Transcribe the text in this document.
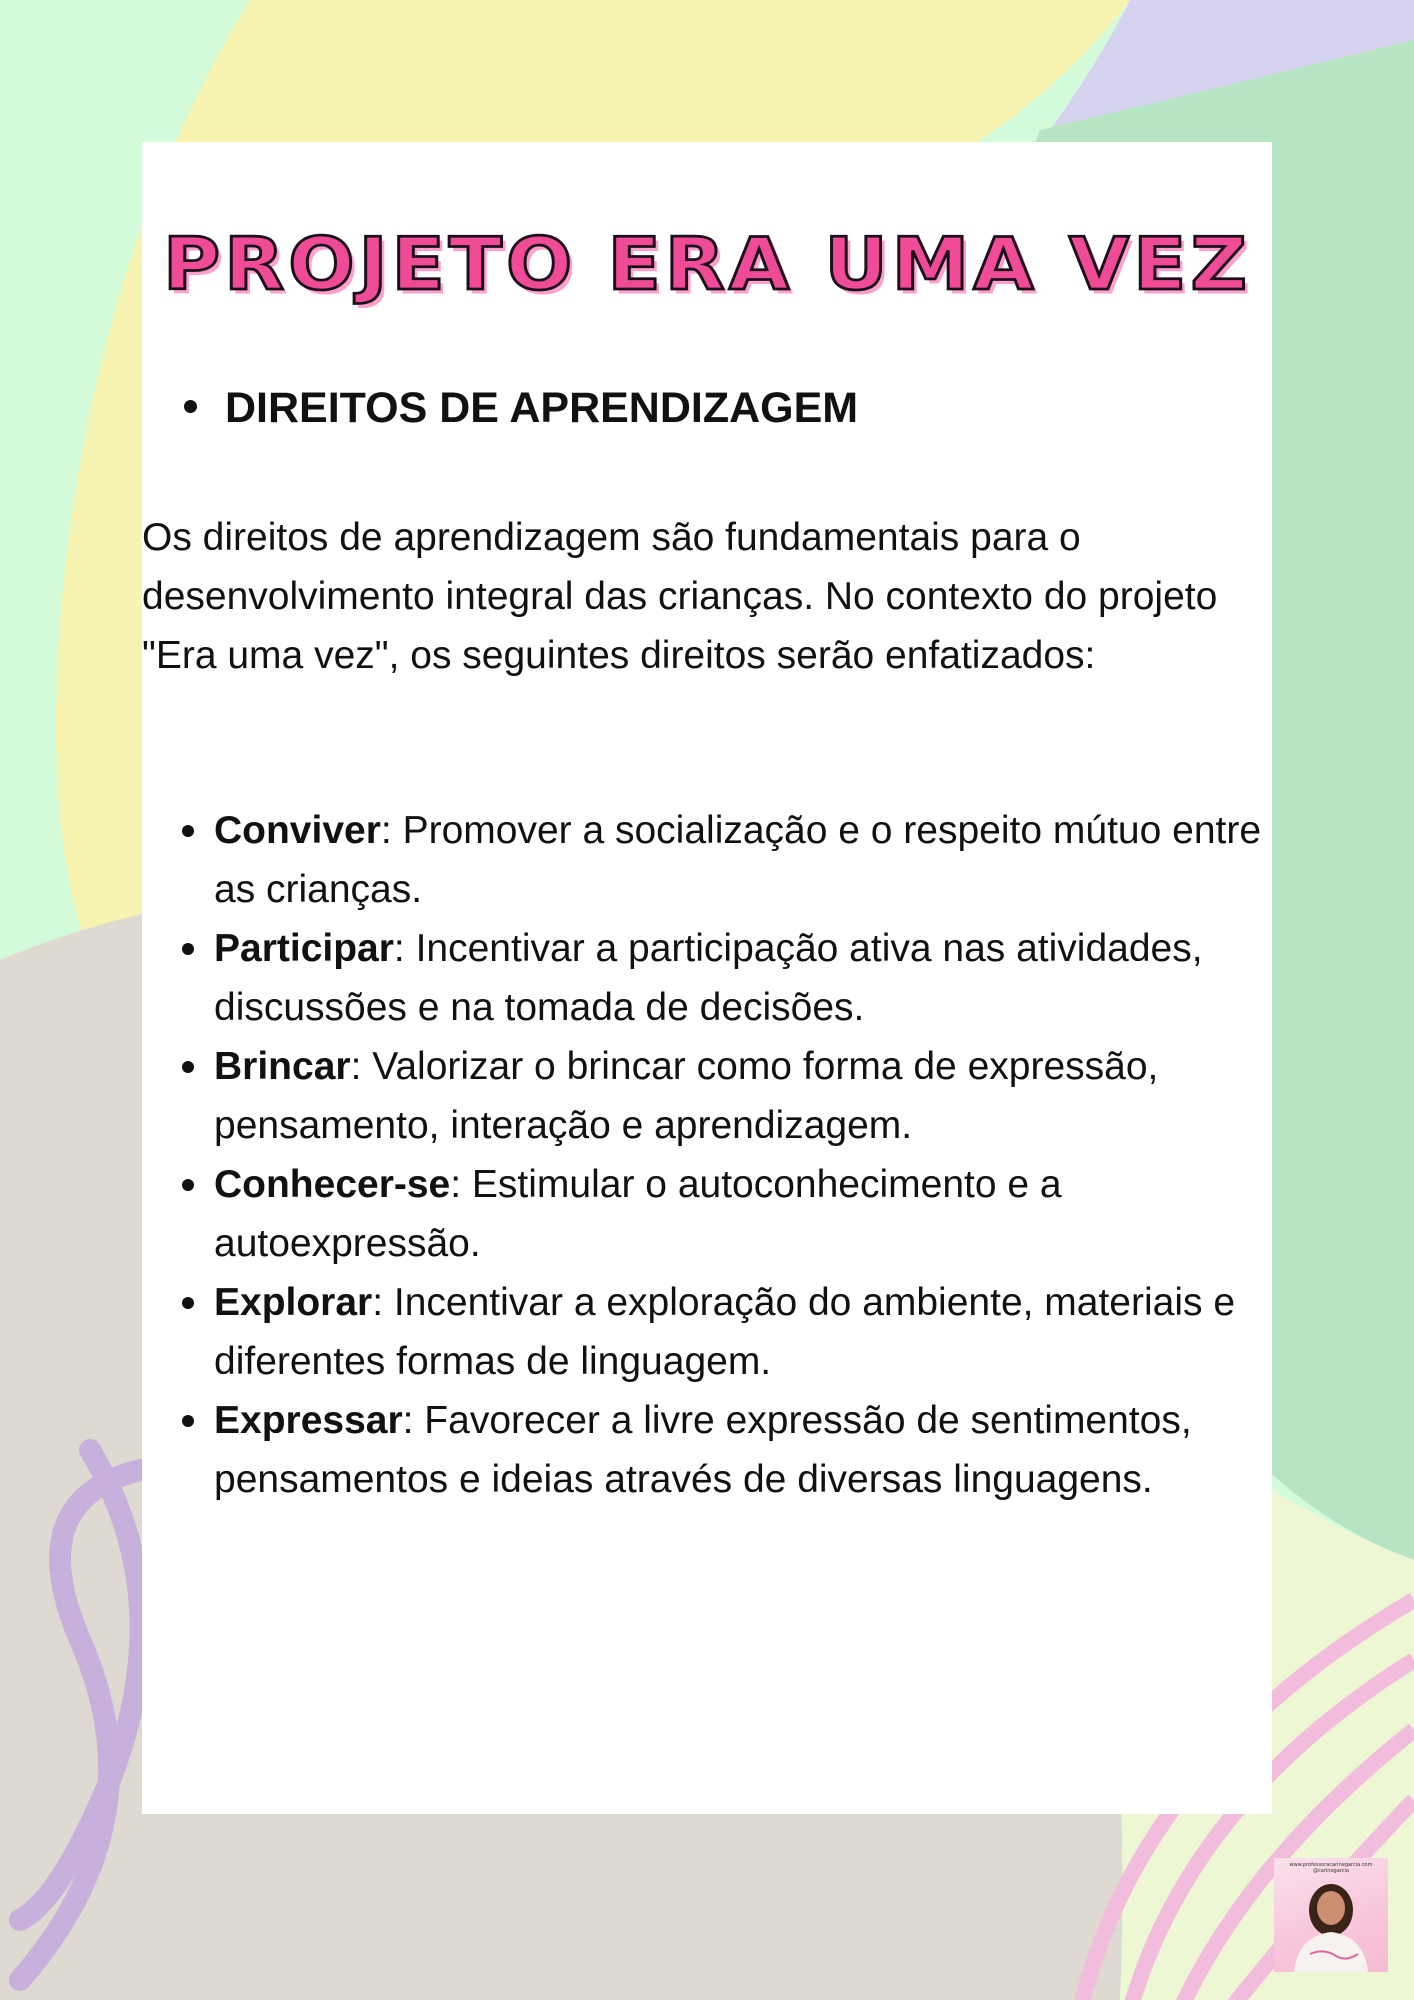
PROJETO ERA UMA VEZ
DIREITOS DE APRENDIZAGEM

Os direitos de aprendizagem são fundamentais para o desenvolvimento integral das crianças. No contexto do projeto "Era uma vez", os seguintes direitos serão enfatizados:

Conviver: Promover a socialização e o respeito mútuo entre as crianças.
Participar: Incentivar a participação ativa nas atividades, discussões e na tomada de decisões.
Brincar: Valorizar o brincar como forma de expressão, pensamento, interação e aprendizagem.
Conhecer-se: Estimular o autoconhecimento e a autoexpressão.
Explorar: Incentivar a exploração do ambiente, materiais e diferentes formas de linguagem.
Expressar: Favorecer a livre expressão de sentimentos, pensamentos e ideias através de diversas linguagens.
www.professoracarinegarcia.com
@carinegarcia
